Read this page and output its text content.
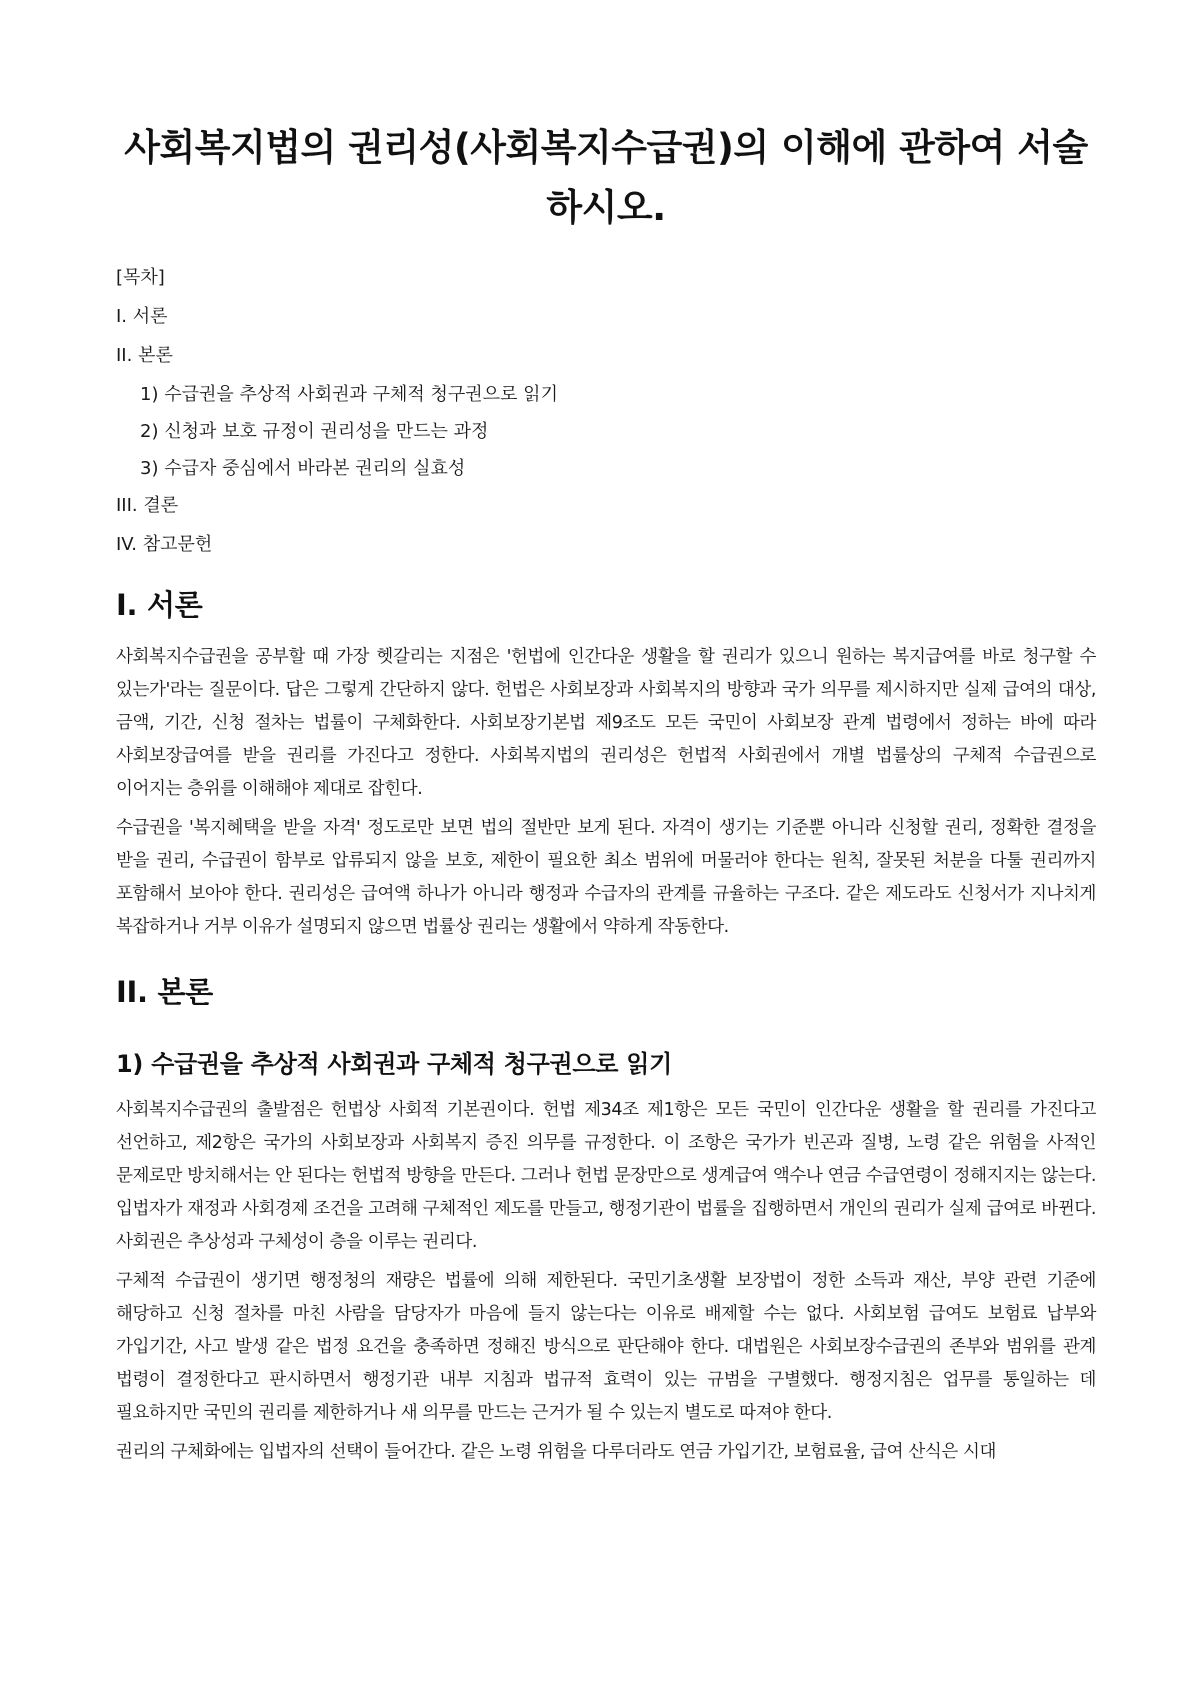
사회복지법의 권리성(사회복지수급권)의 이해에 관하여 서술하시오.
[목차]
I. 서론
II. 본론
1) 수급권을 추상적 사회권과 구체적 청구권으로 읽기
2) 신청과 보호 규정이 권리성을 만드는 과정
3) 수급자 중심에서 바라본 권리의 실효성
III. 결론
IV. 참고문헌
I. 서론

사회복지수급권을 공부할 때 가장 헷갈리는 지점은 '헌법에 인간다운 생활을 할 권리가 있으니 원하는 복지급여를 바로 청구할 수 있는가'라는 질문이다. 답은 그렇게 간단하지 않다. 헌법은 사회보장과 사회복지의 방향과 국가 의무를 제시하지만 실제 급여의 대상, 금액, 기간, 신청 절차는 법률이 구체화한다. 사회보장기본법 제9조도 모든 국민이 사회보장 관계 법령에서 정하는 바에 따라 사회보장급여를 받을 권리를 가진다고 정한다. 사회복지법의 권리성은 헌법적 사회권에서 개별 법률상의 구체적 수급권으로 이어지는 층위를 이해해야 제대로 잡힌다.

수급권을 '복지혜택을 받을 자격' 정도로만 보면 법의 절반만 보게 된다. 자격이 생기는 기준뿐 아니라 신청할 권리, 정확한 결정을 받을 권리, 수급권이 함부로 압류되지 않을 보호, 제한이 필요한 최소 범위에 머물러야 한다는 원칙, 잘못된 처분을 다툴 권리까지 포함해서 보아야 한다. 권리성은 급여액 하나가 아니라 행정과 수급자의 관계를 규율하는 구조다. 같은 제도라도 신청서가 지나치게 복잡하거나 거부 이유가 설명되지 않으면 법률상 권리는 생활에서 약하게 작동한다.

II. 본론
1) 수급권을 추상적 사회권과 구체적 청구권으로 읽기

사회복지수급권의 출발점은 헌법상 사회적 기본권이다. 헌법 제34조 제1항은 모든 국민이 인간다운 생활을 할 권리를 가진다고 선언하고, 제2항은 국가의 사회보장과 사회복지 증진 의무를 규정한다. 이 조항은 국가가 빈곤과 질병, 노령 같은 위험을 사적인 문제로만 방치해서는 안 된다는 헌법적 방향을 만든다. 그러나 헌법 문장만으로 생계급여 액수나 연금 수급연령이 정해지지는 않는다. 입법자가 재정과 사회경제 조건을 고려해 구체적인 제도를 만들고, 행정기관이 법률을 집행하면서 개인의 권리가 실제 급여로 바뀐다. 사회권은 추상성과 구체성이 층을 이루는 권리다.

구체적 수급권이 생기면 행정청의 재량은 법률에 의해 제한된다. 국민기초생활 보장법이 정한 소득과 재산, 부양 관련 기준에 해당하고 신청 절차를 마친 사람을 담당자가 마음에 들지 않는다는 이유로 배제할 수는 없다. 사회보험 급여도 보험료 납부와 가입기간, 사고 발생 같은 법정 요건을 충족하면 정해진 방식으로 판단해야 한다. 대법원은 사회보장수급권의 존부와 범위를 관계 법령이 결정한다고 판시하면서 행정기관 내부 지침과 법규적 효력이 있는 규범을 구별했다. 행정지침은 업무를 통일하는 데 필요하지만 국민의 권리를 제한하거나 새 의무를 만드는 근거가 될 수 있는지 별도로 따져야 한다.

권리의 구체화에는 입법자의 선택이 들어간다. 같은 노령 위험을 다루더라도 연금 가입기간, 보험료율, 급여 산식은 시대
